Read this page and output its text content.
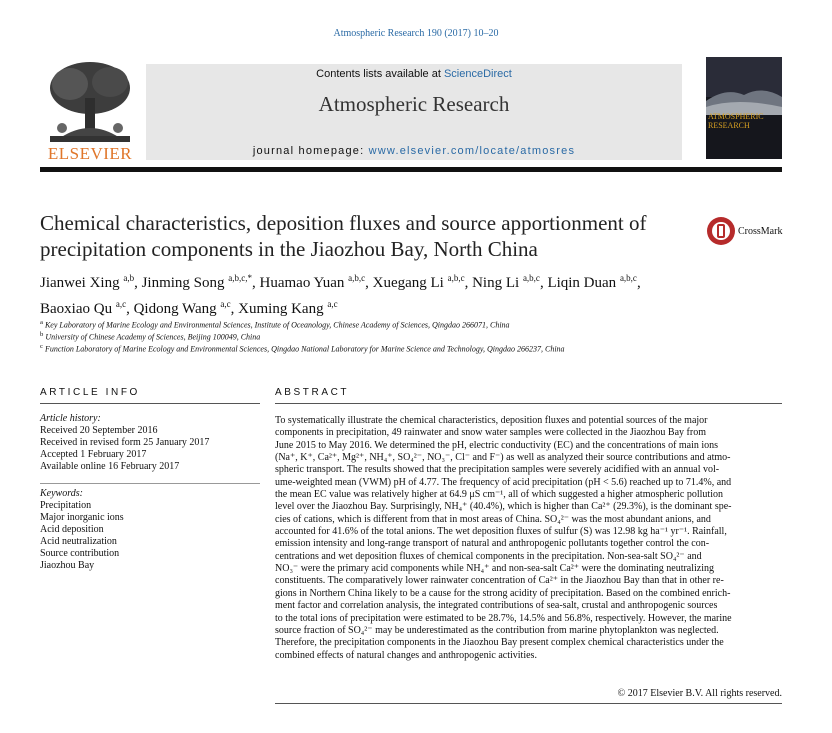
Atmospheric Research 190 (2017) 10–20
ELSEVIER
Contents lists available at ScienceDirect
Atmospheric Research
journal homepage: www.elsevier.com/locate/atmosres
ATMOSPHERIC RESEARCH
Chemical characteristics, deposition fluxes and source apportionment of precipitation components in the Jiaozhou Bay, North China
CrossMark
Jianwei Xing $^{a,b}$, Jinming Song $^{a,b,c,*}$, Huamao Yuan $^{a,b,c}$, Xuegang Li $^{a,b,c}$, Ning Li $^{a,b,c}$, Liqin Duan $^{a,b,c}$,
Baoxiao Qu $^{a,c}$, Qidong Wang $^{a,c}$, Xuming Kang $^{a,c}$
$^a$ Key Laboratory of Marine Ecology and Environmental Sciences, Institute of Oceanology, Chinese Academy of Sciences, Qingdao 266071, China
$^b$ University of Chinese Academy of Sciences, Beijing 100049, China
$^c$ Function Laboratory of Marine Ecology and Environmental Sciences, Qingdao National Laboratory for Marine Science and Technology, Qingdao 266237, China
ARTICLE INFO
Article history:
Received 20 September 2016
Received in revised form 25 January 2017
Accepted 1 February 2017
Available online 16 February 2017
Keywords:
Precipitation
Major inorganic ions
Acid deposition
Acid neutralization
Source contribution
Jiaozhou Bay
ABSTRACT
To systematically illustrate the chemical characteristics, deposition fluxes and potential sources of the major
components in precipitation, 49 rainwater and snow water samples were collected in the Jiaozhou Bay from
June 2015 to May 2016. We determined the pH, electric conductivity (EC) and the concentrations of main ions
(Na⁺, K⁺, Ca²⁺, Mg²⁺, NH₄⁺, SO₄²⁻, NO₃⁻, Cl⁻ and F⁻) as well as analyzed their source contributions and atmo-
spheric transport. The results showed that the precipitation samples were severely acidified with an annual vol-
ume-weighted mean (VWM) pH of 4.77. The frequency of acid precipitation (pH < 5.6) reached up to 71.4%, and
the mean EC value was relatively higher at 64.9 μS cm⁻¹, all of which suggested a higher atmospheric pollution
level over the Jiaozhou Bay. Surprisingly, NH₄⁺ (40.4%), which is higher than Ca²⁺ (29.3%), is the dominant spe-
cies of cations, which is different from that in most areas of China. SO₄²⁻ was the most abundant anions, and
accounted for 41.6% of the total anions. The wet deposition fluxes of sulfur (S) was 12.98 kg ha⁻¹ yr⁻¹. Rainfall,
emission intensity and long-range transport of natural and anthropogenic pollutants together control the con-
centrations and wet deposition fluxes of chemical components in the precipitation. Non-sea-salt SO₄²⁻ and
NO₃⁻ were the primary acid components while NH₄⁺ and non-sea-salt Ca²⁺ were the dominating neutralizing
constituents. The comparatively lower rainwater concentration of Ca²⁺ in the Jiaozhou Bay than that in other re-
gions in Northern China likely to be a cause for the strong acidity of precipitation. Based on the combined enrich-
ment factor and correlation analysis, the integrated contributions of sea-salt, crustal and anthropogenic sources
to the total ions of precipitation were estimated to be 28.7%, 14.5% and 56.8%, respectively. However, the marine
source fraction of SO₄²⁻ may be underestimated as the contribution from marine phytoplankton was neglected.
Therefore, the precipitation components in the Jiaozhou Bay present complex chemical characteristics under the
combined effects of natural changes and anthropogenic activities.
© 2017 Elsevier B.V. All rights reserved.
